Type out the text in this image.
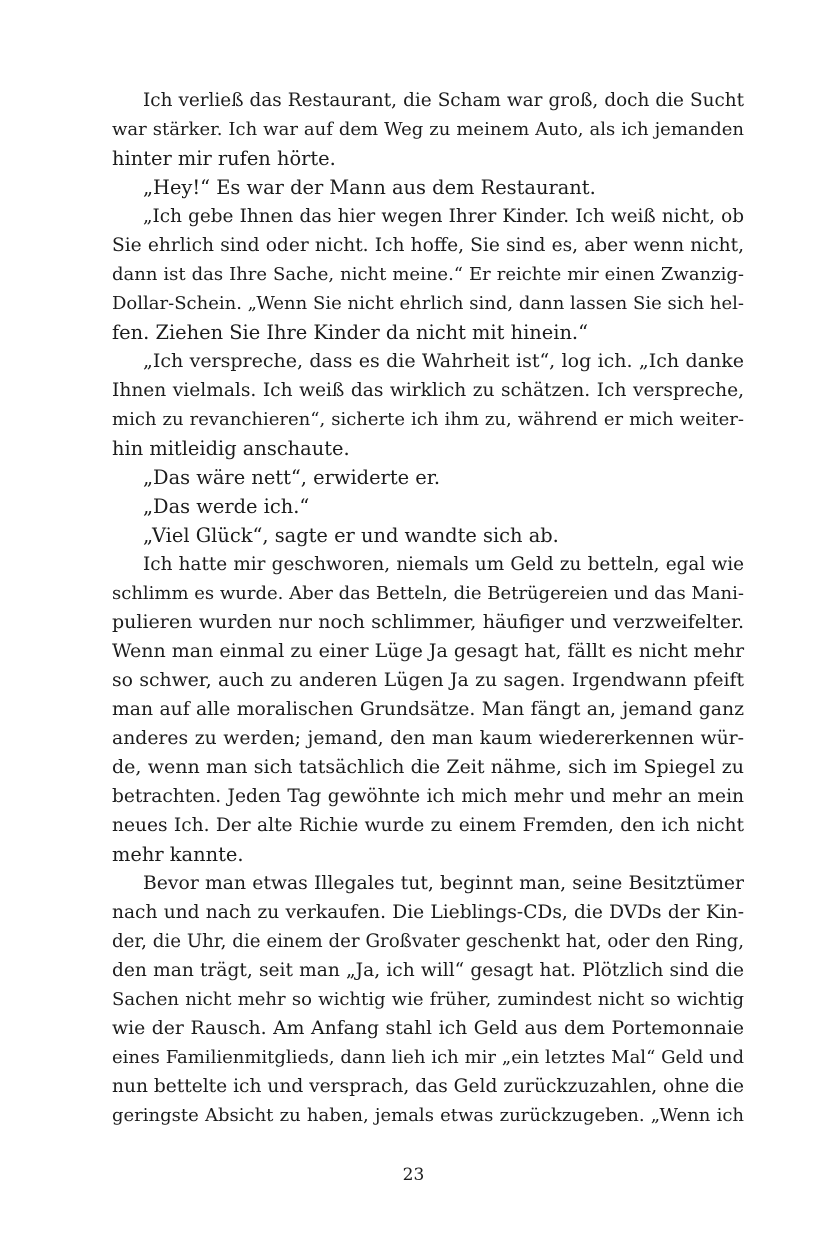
Ich verließ das Restaurant, die Scham war groß, doch die Sucht
war stärker. Ich war auf dem Weg zu meinem Auto, als ich jemanden
hinter mir rufen hörte.
„Hey!“ Es war der Mann aus dem Restaurant.
„Ich gebe Ihnen das hier wegen Ihrer Kinder. Ich weiß nicht, ob
Sie ehrlich sind oder nicht. Ich hoffe, Sie sind es, aber wenn nicht,
dann ist das Ihre Sache, nicht meine.“ Er reichte mir einen Zwanzig-
Dollar-Schein. „Wenn Sie nicht ehrlich sind, dann lassen Sie sich hel-
fen. Ziehen Sie Ihre Kinder da nicht mit hinein.“
„Ich verspreche, dass es die Wahrheit ist“, log ich. „Ich danke
Ihnen vielmals. Ich weiß das wirklich zu schätzen. Ich verspreche,
mich zu revanchieren“, sicherte ich ihm zu, während er mich weiter-
hin mitleidig anschaute.
„Das wäre nett“, erwiderte er.
„Das werde ich.“
„Viel Glück“, sagte er und wandte sich ab.
Ich hatte mir geschworen, niemals um Geld zu betteln, egal wie
schlimm es wurde. Aber das Betteln, die Betrügereien und das Mani-
pulieren wurden nur noch schlimmer, häufiger und verzweifelter.
Wenn man einmal zu einer Lüge Ja gesagt hat, fällt es nicht mehr
so schwer, auch zu anderen Lügen Ja zu sagen. Irgendwann pfeift
man auf alle moralischen Grundsätze. Man fängt an, jemand ganz
anderes zu werden; jemand, den man kaum wiedererkennen wür-
de, wenn man sich tatsächlich die Zeit nähme, sich im Spiegel zu
betrachten. Jeden Tag gewöhnte ich mich mehr und mehr an mein
neues Ich. Der alte Richie wurde zu einem Fremden, den ich nicht
mehr kannte.
Bevor man etwas Illegales tut, beginnt man, seine Besitztümer
nach und nach zu verkaufen. Die Lieblings-CDs, die DVDs der Kin-
der, die Uhr, die einem der Großvater geschenkt hat, oder den Ring,
den man trägt, seit man „Ja, ich will“ gesagt hat. Plötzlich sind die
Sachen nicht mehr so wichtig wie früher, zumindest nicht so wichtig
wie der Rausch. Am Anfang stahl ich Geld aus dem Portemonnaie
eines Familienmitglieds, dann lieh ich mir „ein letztes Mal“ Geld und
nun bettelte ich und versprach, das Geld zurückzuzahlen, ohne die
geringste Absicht zu haben, jemals etwas zurückzugeben. „Wenn ich
23
